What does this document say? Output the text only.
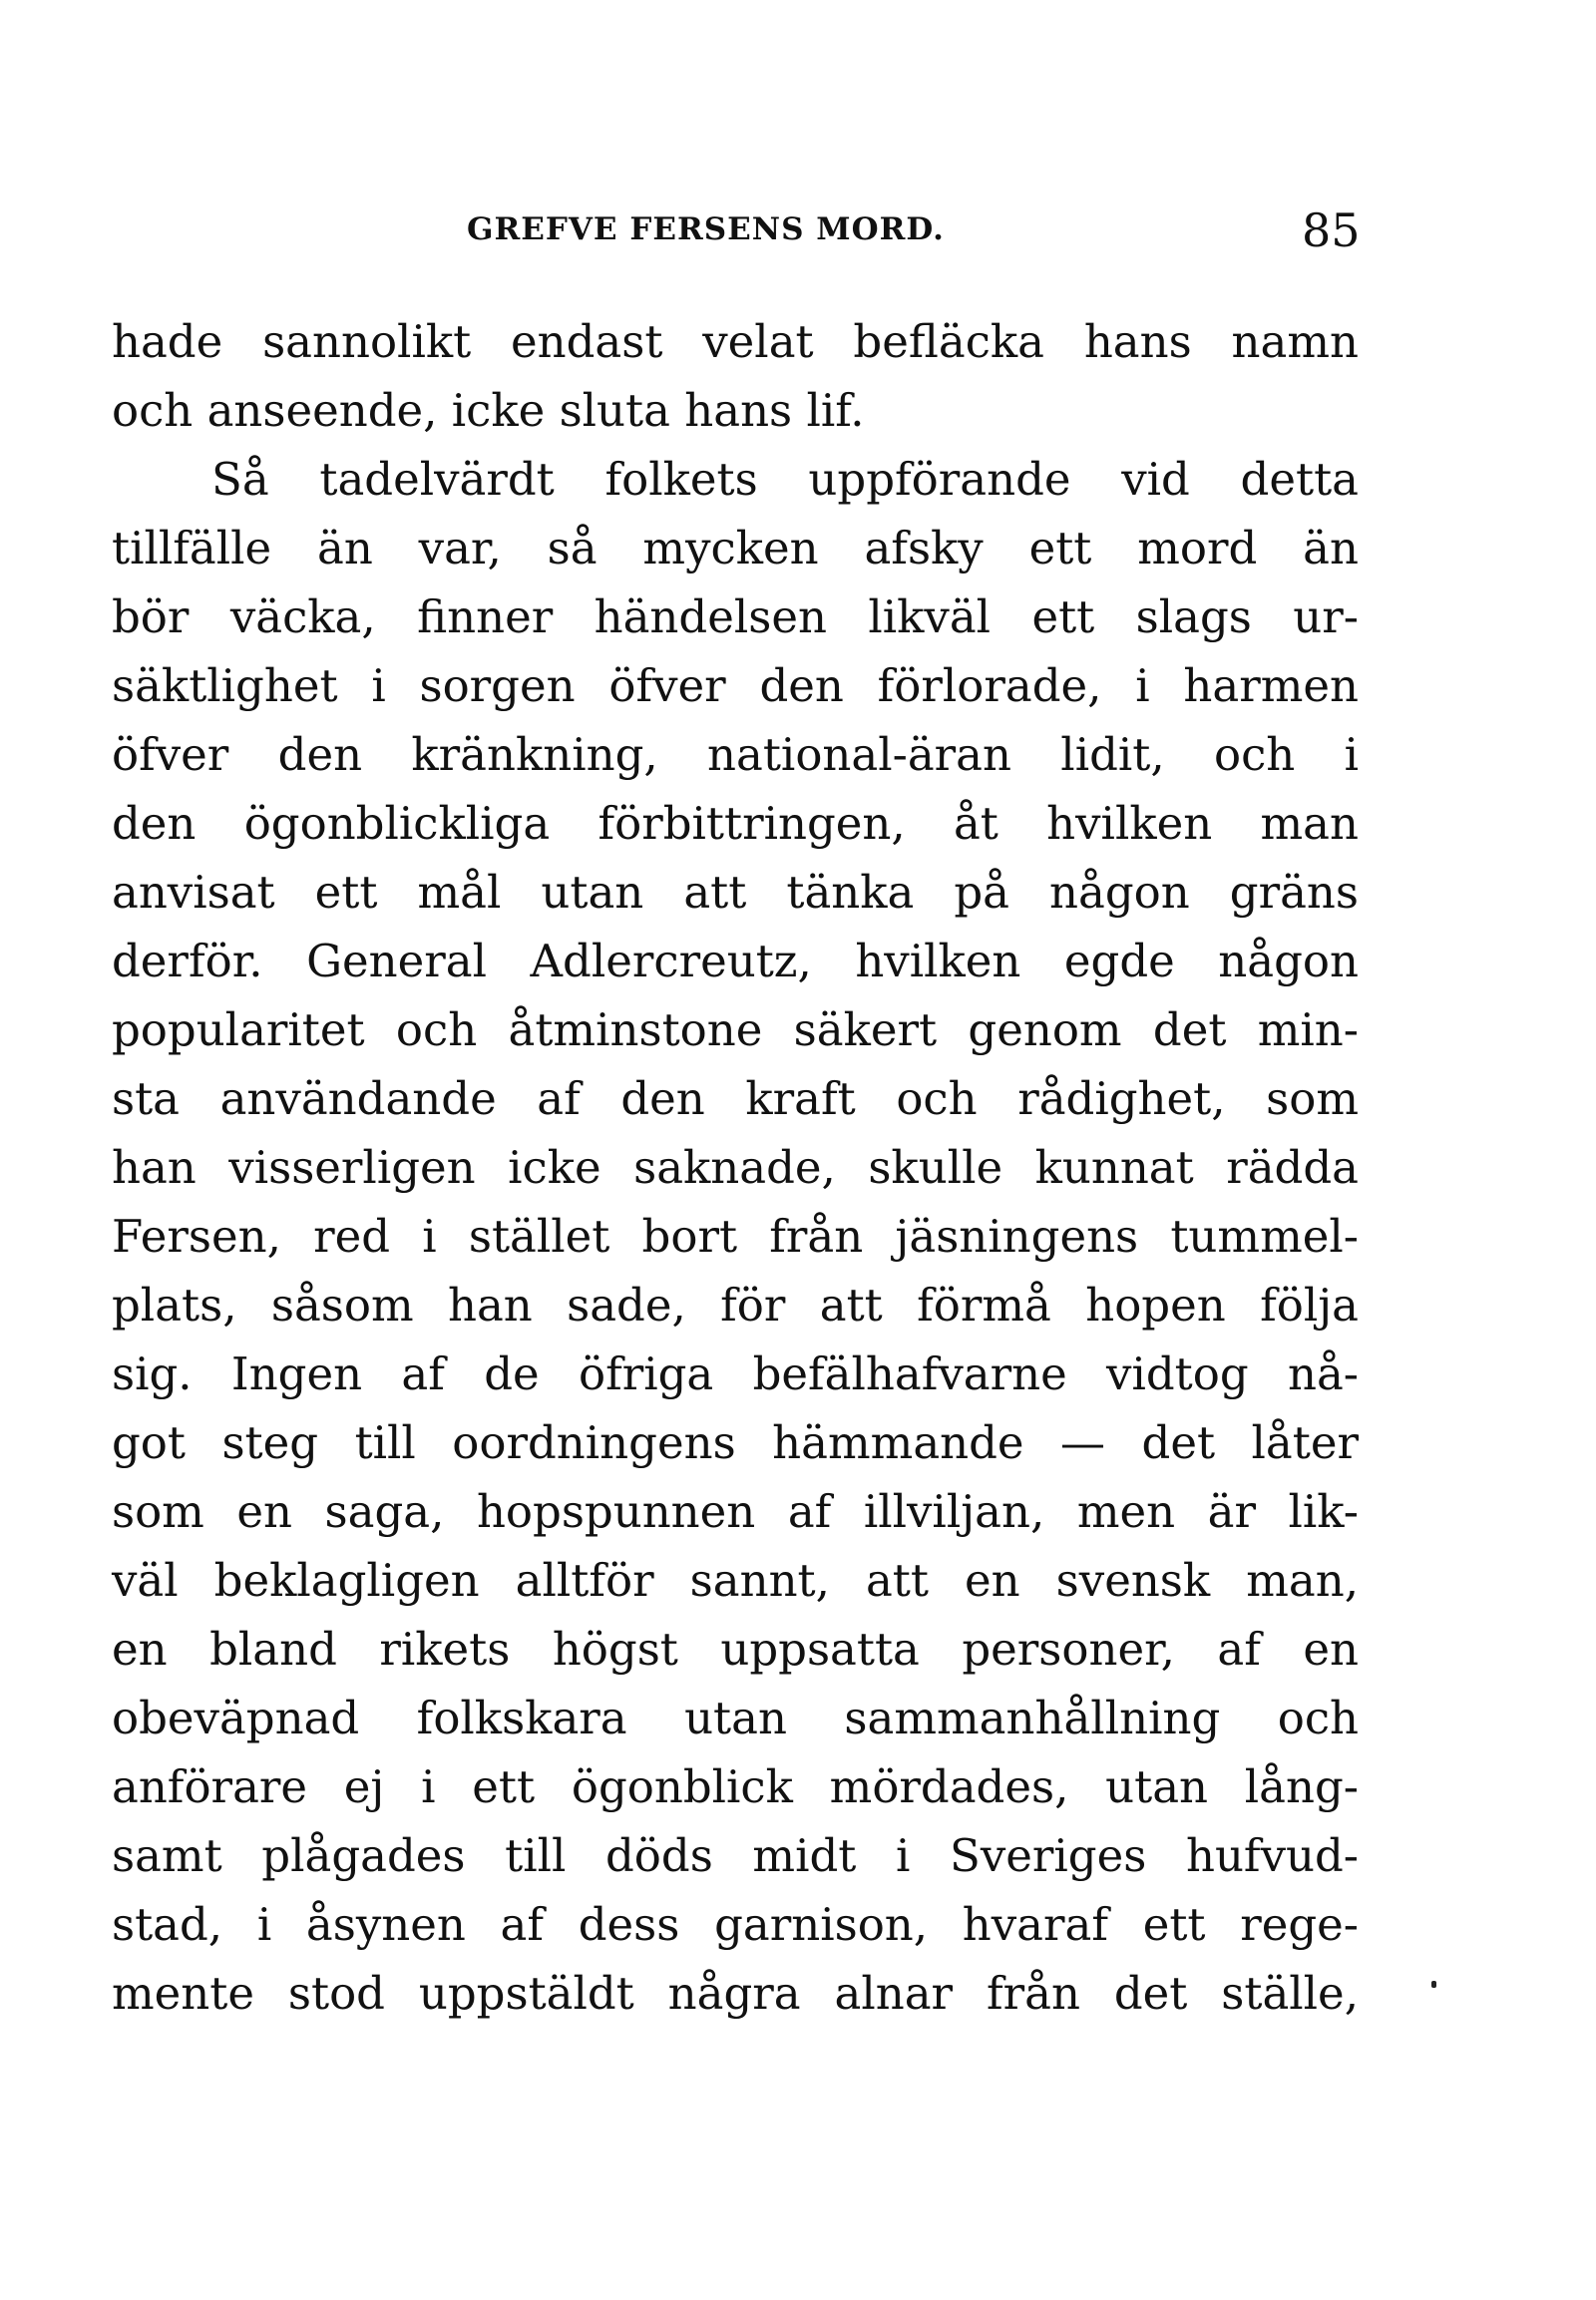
GREFVE FERSENS MORD.	85
hade sannolikt endast velat befläcka hans namn
och anseende, icke sluta hans lif.
Så tadelvärdt folkets uppförande vid detta
tillfälle än var, så mycken afsky ett mord än
bör väcka, finner händelsen likväl ett slags ur-
säktlighet i sorgen öfver den förlorade, i harmen
öfver den kränkning, national-äran lidit, och i
den ögonblickliga förbittringen, åt hvilken man
anvisat ett mål utan att tänka på någon gräns
derför. General Adlercreutz, hvilken egde någon
popularitet och åtminstone säkert genom det min-
sta användande af den kraft och rådighet, som
han visserligen icke saknade, skulle kunnat rädda
Fersen, red i stället bort från jäsningens tummel-
plats, såsom han sade, för att förmå hopen följa
sig. Ingen af de öfriga befälhafvarne vidtog nå-
got steg till oordningens hämmande — det låter
som en saga, hopspunnen af illviljan, men är lik-
väl beklagligen alltför sannt, att en svensk man,
en bland rikets högst uppsatta personer, af en
obeväpnad folkskara utan sammanhållning och
anförare ej i ett ögonblick mördades, utan lång-
samt plågades till döds midt i Sveriges hufvud-
stad, i åsynen af dess garnison, hvaraf ett rege-
mente stod uppstäldt några alnar från det ställe,
